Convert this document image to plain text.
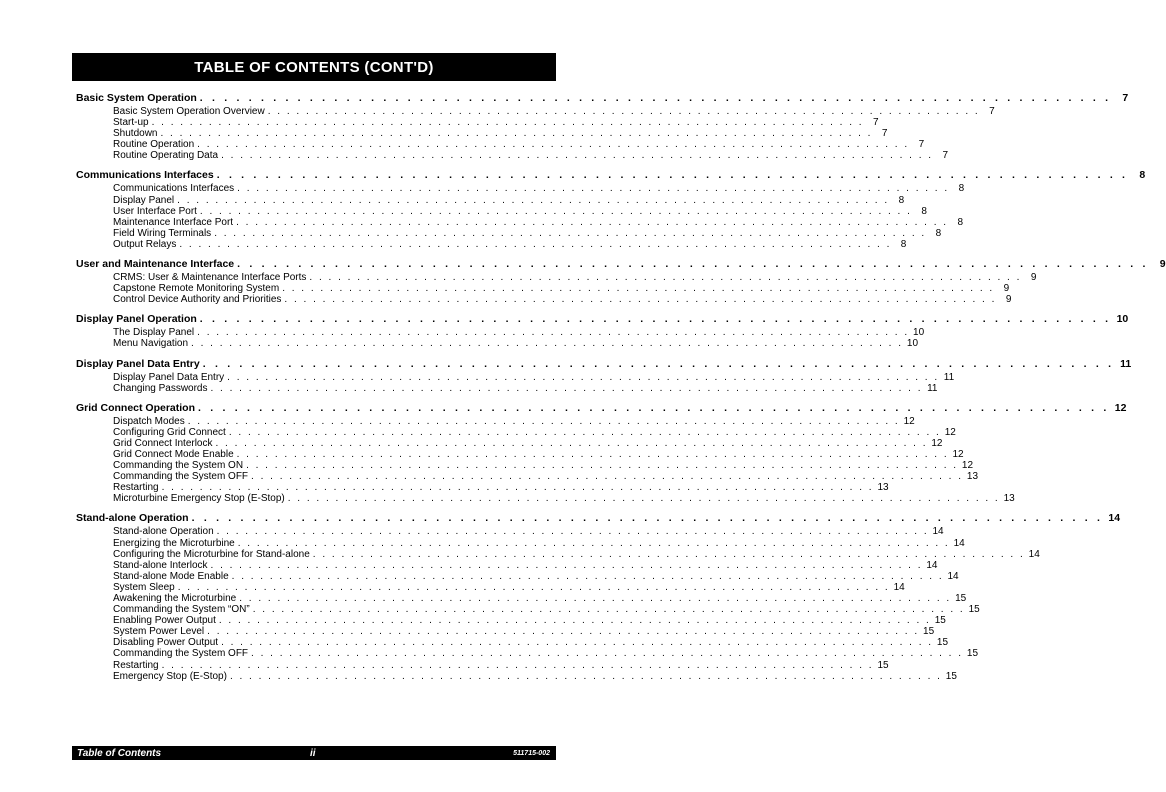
TABLE OF CONTENTS (CONT'D)
Basic System Operation . . . . . . . . . . . . . . . . . . . . . . . . . . . . . . . . . . . . . . . . . . . . . . . . . . . . . . . . . . . . . . . . . . . . . . . . . . .	7
Basic System Operation Overview . . . . . . . . . . . . . . . . . . . . . . . . . . . . . . . . . . . . . . . . . . . . . . . . . . . . . . . . . . . . . . . . . . . . . . . . . . . 7
Start-up . . . . . . . . . . . . . . . . . . . . . . . . . . . . . . . . . . . . . . . . . . . . . . . . . . . . . . . . . . . . . . . . . . . . . . . . . . . 7
Shutdown . . . . . . . . . . . . . . . . . . . . . . . . . . . . . . . . . . . . . . . . . . . . . . . . . . . . . . . . . . . . . . . . . . . . . . . . . . . 7
Routine Operation . . . . . . . . . . . . . . . . . . . . . . . . . . . . . . . . . . . . . . . . . . . . . . . . . . . . . . . . . . . . . . . . . . . . . . . . . . . 7
Routine Operating Data . . . . . . . . . . . . . . . . . . . . . . . . . . . . . . . . . . . . . . . . . . . . . . . . . . . . . . . . . . . . . . . . . . . . . . . . . . . 7
Communications Interfaces . . . . . . . . . . . . . . . . . . . . . . . . . . . . . . . . . . . . . . . . . . . . . . . . . . . . . . . . . . . . . . . . . . . . . . . . . . .	8
Communications Interfaces . . . . . . . . . . . . . . . . . . . . . . . . . . . . . . . . . . . . . . . . . . . . . . . . . . . . . . . . . . . . . . . . . . . . . . . . . . . 8
Display Panel . . . . . . . . . . . . . . . . . . . . . . . . . . . . . . . . . . . . . . . . . . . . . . . . . . . . . . . . . . . . . . . . . . . . . . . . . . . 8
User Interface Port . . . . . . . . . . . . . . . . . . . . . . . . . . . . . . . . . . . . . . . . . . . . . . . . . . . . . . . . . . . . . . . . . . . . . . . . . . . 8
Maintenance Interface Port . . . . . . . . . . . . . . . . . . . . . . . . . . . . . . . . . . . . . . . . . . . . . . . . . . . . . . . . . . . . . . . . . . . . . . . . . . . 8
Field Wiring Terminals . . . . . . . . . . . . . . . . . . . . . . . . . . . . . . . . . . . . . . . . . . . . . . . . . . . . . . . . . . . . . . . . . . . . . . . . . . . 8
Output Relays . . . . . . . . . . . . . . . . . . . . . . . . . . . . . . . . . . . . . . . . . . . . . . . . . . . . . . . . . . . . . . . . . . . . . . . . . . . 8
User and Maintenance Interface . . . . . . . . . . . . . . . . . . . . . . . . . . . . . . . . . . . . . . . . . . . . . . . . . . . . . . . . . . . . . . . . . . . . . . . . . . .	9
CRMS: User & Maintenance Interface Ports . . . . . . . . . . . . . . . . . . . . . . . . . . . . . . . . . . . . . . . . . . . . . . . . . . . . . . . . . . . . . . . . . . . . . . . . . . . 9
Capstone Remote Monitoring System . . . . . . . . . . . . . . . . . . . . . . . . . . . . . . . . . . . . . . . . . . . . . . . . . . . . . . . . . . . . . . . . . . . . . . . . . . . 9
Control Device Authority and Priorities . . . . . . . . . . . . . . . . . . . . . . . . . . . . . . . . . . . . . . . . . . . . . . . . . . . . . . . . . . . . . . . . . . . . . . . . . . . 9
Display Panel Operation . . . . . . . . . . . . . . . . . . . . . . . . . . . . . . . . . . . . . . . . . . . . . . . . . . . . . . . . . . . . . . . . . . . . . . . . . . . 10
The Display Panel . . . . . . . . . . . . . . . . . . . . . . . . . . . . . . . . . . . . . . . . . . . . . . . . . . . . . . . . . . . . . . . . . . . . . . . . . . . 10
Menu Navigation . . . . . . . . . . . . . . . . . . . . . . . . . . . . . . . . . . . . . . . . . . . . . . . . . . . . . . . . . . . . . . . . . . . . . . . . . . . 10
Display Panel Data Entry . . . . . . . . . . . . . . . . . . . . . . . . . . . . . . . . . . . . . . . . . . . . . . . . . . . . . . . . . . . . . . . . . . . . . . . . . . . 11
Display Panel Data Entry . . . . . . . . . . . . . . . . . . . . . . . . . . . . . . . . . . . . . . . . . . . . . . . . . . . . . . . . . . . . . . . . . . . . . . . . . . . 11
Changing Passwords . . . . . . . . . . . . . . . . . . . . . . . . . . . . . . . . . . . . . . . . . . . . . . . . . . . . . . . . . . . . . . . . . . . . . . . . . . . 11
Grid Connect Operation . . . . . . . . . . . . . . . . . . . . . . . . . . . . . . . . . . . . . . . . . . . . . . . . . . . . . . . . . . . . . . . . . . . . . . . . . . . 12
Dispatch Modes . . . . . . . . . . . . . . . . . . . . . . . . . . . . . . . . . . . . . . . . . . . . . . . . . . . . . . . . . . . . . . . . . . . . . . . . . . . 12
Configuring Grid Connect . . . . . . . . . . . . . . . . . . . . . . . . . . . . . . . . . . . . . . . . . . . . . . . . . . . . . . . . . . . . . . . . . . . . . . . . . . . 12
Grid Connect Interlock . . . . . . . . . . . . . . . . . . . . . . . . . . . . . . . . . . . . . . . . . . . . . . . . . . . . . . . . . . . . . . . . . . . . . . . . . . . 12
Grid Connect Mode Enable . . . . . . . . . . . . . . . . . . . . . . . . . . . . . . . . . . . . . . . . . . . . . . . . . . . . . . . . . . . . . . . . . . . . . . . . . . . 12
Commanding the System ON . . . . . . . . . . . . . . . . . . . . . . . . . . . . . . . . . . . . . . . . . . . . . . . . . . . . . . . . . . . . . . . . . . . . . . . . . . . 12
Commanding the System OFF . . . . . . . . . . . . . . . . . . . . . . . . . . . . . . . . . . . . . . . . . . . . . . . . . . . . . . . . . . . . . . . . . . . . . . . . . . . 13
Restarting . . . . . . . . . . . . . . . . . . . . . . . . . . . . . . . . . . . . . . . . . . . . . . . . . . . . . . . . . . . . . . . . . . . . . . . . . . . 13
Microturbine Emergency Stop (E-Stop) . . . . . . . . . . . . . . . . . . . . . . . . . . . . . . . . . . . . . . . . . . . . . . . . . . . . . . . . . . . . . . . . . . . . . . . . . . . 13
Stand-alone Operation . . . . . . . . . . . . . . . . . . . . . . . . . . . . . . . . . . . . . . . . . . . . . . . . . . . . . . . . . . . . . . . . . . . . . . . . . . . 14
Stand-alone Operation . . . . . . . . . . . . . . . . . . . . . . . . . . . . . . . . . . . . . . . . . . . . . . . . . . . . . . . . . . . . . . . . . . . . . . . . . . . 14
Energizing the Microturbine . . . . . . . . . . . . . . . . . . . . . . . . . . . . . . . . . . . . . . . . . . . . . . . . . . . . . . . . . . . . . . . . . . . . . . . . . . . 14
Configuring the Microturbine for Stand-alone . . . . . . . . . . . . . . . . . . . . . . . . . . . . . . . . . . . . . . . . . . . . . . . . . . . . . . . . . . . . . . . . . . . . . . . . . . . 14
Stand-alone Interlock . . . . . . . . . . . . . . . . . . . . . . . . . . . . . . . . . . . . . . . . . . . . . . . . . . . . . . . . . . . . . . . . . . . . . . . . . . . 14
Stand-alone Mode Enable . . . . . . . . . . . . . . . . . . . . . . . . . . . . . . . . . . . . . . . . . . . . . . . . . . . . . . . . . . . . . . . . . . . . . . . . . . . 14
System Sleep . . . . . . . . . . . . . . . . . . . . . . . . . . . . . . . . . . . . . . . . . . . . . . . . . . . . . . . . . . . . . . . . . . . . . . . . . . . 14
Awakening the Microturbine . . . . . . . . . . . . . . . . . . . . . . . . . . . . . . . . . . . . . . . . . . . . . . . . . . . . . . . . . . . . . . . . . . . . . . . . . . . 15
Commanding the System “ON” . . . . . . . . . . . . . . . . . . . . . . . . . . . . . . . . . . . . . . . . . . . . . . . . . . . . . . . . . . . . . . . . . . . . . . . . . . . 15
Enabling Power Output . . . . . . . . . . . . . . . . . . . . . . . . . . . . . . . . . . . . . . . . . . . . . . . . . . . . . . . . . . . . . . . . . . . . . . . . . . . 15
System Power Level . . . . . . . . . . . . . . . . . . . . . . . . . . . . . . . . . . . . . . . . . . . . . . . . . . . . . . . . . . . . . . . . . . . . . . . . . . . 15
Disabling Power Output . . . . . . . . . . . . . . . . . . . . . . . . . . . . . . . . . . . . . . . . . . . . . . . . . . . . . . . . . . . . . . . . . . . . . . . . . . . 15
Commanding the System OFF . . . . . . . . . . . . . . . . . . . . . . . . . . . . . . . . . . . . . . . . . . . . . . . . . . . . . . . . . . . . . . . . . . . . . . . . . . . 15
Restarting . . . . . . . . . . . . . . . . . . . . . . . . . . . . . . . . . . . . . . . . . . . . . . . . . . . . . . . . . . . . . . . . . . . . . . . . . . . 15
Emergency Stop (E-Stop) . . . . . . . . . . . . . . . . . . . . . . . . . . . . . . . . . . . . . . . . . . . . . . . . . . . . . . . . . . . . . . . . . . . . . . . . . . . 15
Table of Contents	ii	511715-002
